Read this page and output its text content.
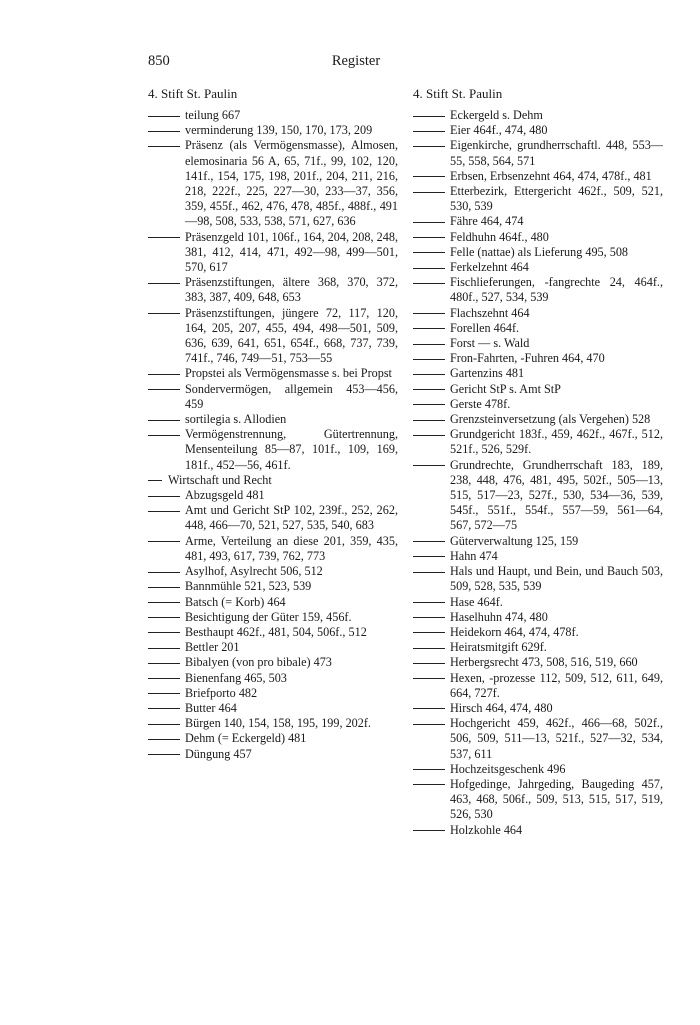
850	Register
4. Stift St. Paulin

teilung 667

verminderung 139, 150, 170, 173, 209

Präsenz (als Vermögensmasse), Almosen, elemosinaria 56 A, 65, 71f., 99, 102, 120, 141f., 154, 175, 198, 201f., 204, 211, 216, 218, 222f., 225, 227—30, 233—37, 356, 359, 455f., 462, 476, 478, 485f., 488f., 491—98, 508, 533, 538, 571, 627, 636

Präsenzgeld 101, 106f., 164, 204, 208, 248, 381, 412, 414, 471, 492—98, 499—501, 570, 617

Präsenzstiftungen, ältere 368, 370, 372, 383, 387, 409, 648, 653

Präsenzstiftungen, jüngere 72, 117, 120, 164, 205, 207, 455, 494, 498—501, 509, 636, 639, 641, 651, 654f., 668, 737, 739, 741f., 746, 749—51, 753—55

Propstei als Vermögensmasse s. bei Propst

Sondervermögen, allgemein 453—456, 459

sortilegia s. Allodien

Vermögenstrennung, Gütertrennung, Mensenteilung 85—87, 101f., 109, 169, 181f., 452—56, 461f.

Wirtschaft und Recht

Abzugsgeld 481

Amt und Gericht StP 102, 239f., 252, 262, 448, 466—70, 521, 527, 535, 540, 683

Arme, Verteilung an diese 201, 359, 435, 481, 493, 617, 739, 762, 773

Asylhof, Asylrecht 506, 512

Bannmühle 521, 523, 539

Batsch (= Korb) 464

Besichtigung der Güter 159, 456f.

Besthaupt 462f., 481, 504, 506f., 512

Bettler 201

Bibalyen (von pro bibale) 473

Bienenfang 465, 503

Briefporto 482

Butter 464

Bürgen 140, 154, 158, 195, 199, 202f.

Dehm (= Eckergeld) 481

Düngung 457

4. Stift St. Paulin

Eckergeld s. Dehm

Eier 464f., 474, 480

Eigenkirche, grundherrschaftl. 448, 553—55, 558, 564, 571

Erbsen, Erbsenzehnt 464, 474, 478f., 481

Etterbezirk, Ettergericht 462f., 509, 521, 530, 539

Fähre 464, 474

Feldhuhn 464f., 480

Felle (nattae) als Lieferung 495, 508

Ferkelzehnt 464

Fischlieferungen, -fangrechte 24, 464f., 480f., 527, 534, 539

Flachszehnt 464

Forellen 464f.

Forst — s. Wald

Fron-Fahrten, -Fuhren 464, 470

Gartenzins 481

Gericht StP s. Amt StP

Gerste 478f.

Grenzsteinversetzung (als Vergehen) 528

Grundgericht 183f., 459, 462f., 467f., 512, 521f., 526, 529f.

Grundrechte, Grundherrschaft 183, 189, 238, 448, 476, 481, 495, 502f., 505—13, 515, 517—23, 527f., 530, 534—36, 539, 545f., 551f., 554f., 557—59, 561—64, 567, 572—75

Güterverwaltung 125, 159

Hahn 474

Hals und Haupt, und Bein, und Bauch 503, 509, 528, 535, 539

Hase 464f.

Haselhuhn 474, 480

Heidekorn 464, 474, 478f.

Heiratsmitgift 629f.

Herbergsrecht 473, 508, 516, 519, 660

Hexen, -prozesse 112, 509, 512, 611, 649, 664, 727f.

Hirsch 464, 474, 480

Hochgericht 459, 462f., 466—68, 502f., 506, 509, 511—13, 521f., 527—32, 534, 537, 611

Hochzeitsgeschenk 496

Hofgedinge, Jahrgeding, Baugeding 457, 463, 468, 506f., 509, 513, 515, 517, 519, 526, 530

Holzkohle 464
